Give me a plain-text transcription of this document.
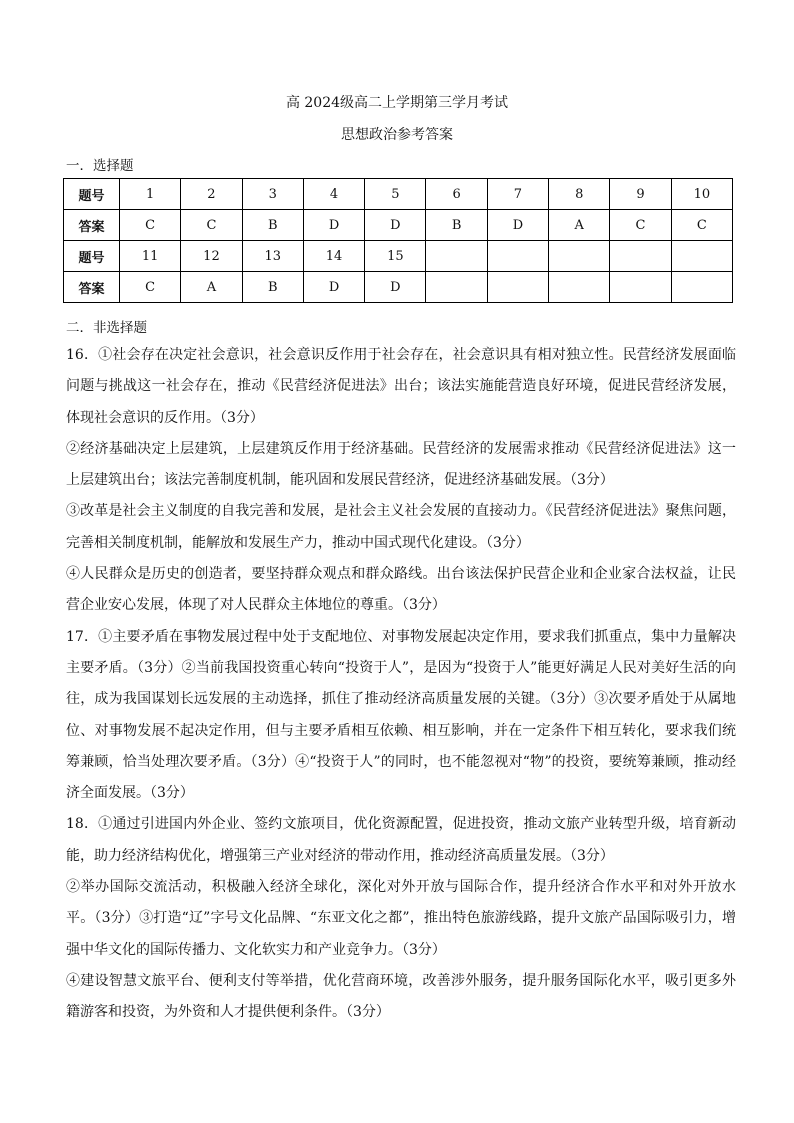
高 2024级高二上学期第三学月考试
思想政治参考答案
一．选择题
题号	1	2	3	4	5	6	7	8	9	10
答案	C	C	B	D	D	B	D	A	C	C
题号	11	12	13	14	15					
答案	C	A	B	D	D					
二．非选择题

16．①社会存在决定社会意识，社会意识反作用于社会存在，社会意识具有相对独立性。民营经济发展面临问题与挑战这一社会存在，推动《民营经济促进法》出台；该法实施能营造良好环境，促进民营经济发展，体现社会意识的反作用。（3分）

②经济基础决定上层建筑，上层建筑反作用于经济基础。民营经济的发展需求推动《民营经济促进法》这一上层建筑出台；该法完善制度机制，能巩固和发展民营经济，促进经济基础发展。（3分）

③改革是社会主义制度的自我完善和发展，是社会主义社会发展的直接动力。《民营经济促进法》聚焦问题，完善相关制度机制，能解放和发展生产力，推动中国式现代化建设。（3分）

④人民群众是历史的创造者，要坚持群众观点和群众路线。出台该法保护民营企业和企业家合法权益，让民营企业安心发展，体现了对人民群众主体地位的尊重。（3分）

17．①主要矛盾在事物发展过程中处于支配地位、对事物发展起决定作用，要求我们抓重点，集中力量解决主要矛盾。（3分）②当前我国投资重心转向“投资于人”，是因为“投资于人”能更好满足人民对美好生活的向往，成为我国谋划长远发展的主动选择，抓住了推动经济高质量发展的关键。（3分）③次要矛盾处于从属地位、对事物发展不起决定作用，但与主要矛盾相互依赖、相互影响，并在一定条件下相互转化，要求我们统筹兼顾，恰当处理次要矛盾。（3分）④“投资于人”的同时，也不能忽视对“物”的投资，要统筹兼顾，推动经济全面发展。（3分）

18．①通过引进国内外企业、签约文旅项目，优化资源配置，促进投资，推动文旅产业转型升级，培育新动能，助力经济结构优化，增强第三产业对经济的带动作用，推动经济高质量发展。（3分）

②举办国际交流活动，积极融入经济全球化，深化对外开放与国际合作，提升经济合作水平和对外开放水平。（3分）③打造“辽”字号文化品牌、“东亚文化之都”，推出特色旅游线路，提升文旅产品国际吸引力，增强中华文化的国际传播力、文化软实力和产业竞争力。（3分）

④建设智慧文旅平台、便利支付等举措，优化营商环境，改善涉外服务，提升服务国际化水平，吸引更多外籍游客和投资，为外资和人才提供便利条件。（3分）
